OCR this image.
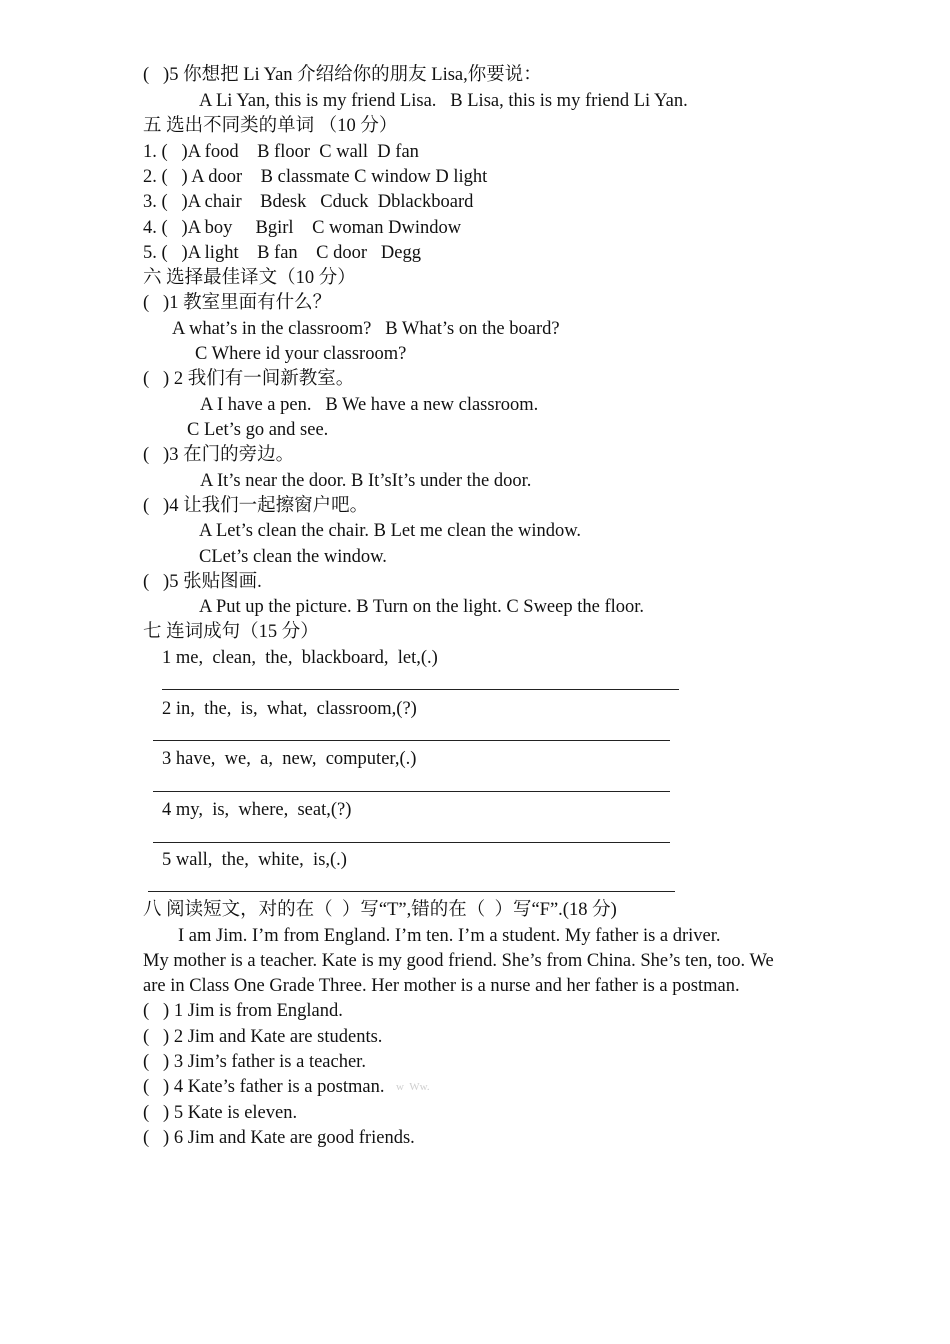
(   )5 你想把 Li Yan 介绍给你的朋友 Lisa,你要说：
A Li Yan, this is my friend Lisa.   B Lisa, this is my friend Li Yan.
五 选出不同类的单词 （10 分）
1. (   )A food    B floor  C wall  D fan
2. (   ) A door    B classmate C window D light
3. (   )A chair    Bdesk   Cduck  Dblackboard
4. (   )A boy     Bgirl    C woman Dwindow
5. (   )A light    B fan    C door   Degg
六 选择最佳译文（10 分）
(   )1 教室里面有什么？
A what’s in the classroom?   B What’s on the board?
C Where id your classroom?
(   ) 2 我们有一间新教室。
A I have a pen.   B We have a new classroom.
C Let’s go and see.
(   )3 在门的旁边。
A It’s near the door. B It’sIt’s under the door.
(   )4 让我们一起擦窗户吧。
A Let’s clean the chair. B Let me clean the window.
CLet’s clean the window.
(   )5 张贴图画.
A Put up the picture. B Turn on the light. C Sweep the floor.
七 连词成句（15 分）
1 me,  clean,  the,  blackboard,  let,(.)
2 in,  the,  is,  what,  classroom,(?)
3 have,  we,  a,  new,  computer,(.)
4 my,  is,  where,  seat,(?)
5 wall,  the,  white,  is,(.)
八 阅读短文，对的在（  ）写“T”,错的在（  ）写“F”.(18 分)
I am Jim. I’m from England. I’m ten. I’m a student. My father is a driver.
My mother is a teacher. Kate is my good friend. She’s from China. She’s ten, too. We
are in Class One Grade Three. Her mother is a nurse and her father is a postman.
(   ) 1 Jim is from England.
(   ) 2 Jim and Kate are students.
(   ) 3 Jim’s father is a teacher.
(   ) 4 Kate’s father is a postman. w  Ww.
(   ) 5 Kate is eleven.
(   ) 6 Jim and Kate are good friends.
